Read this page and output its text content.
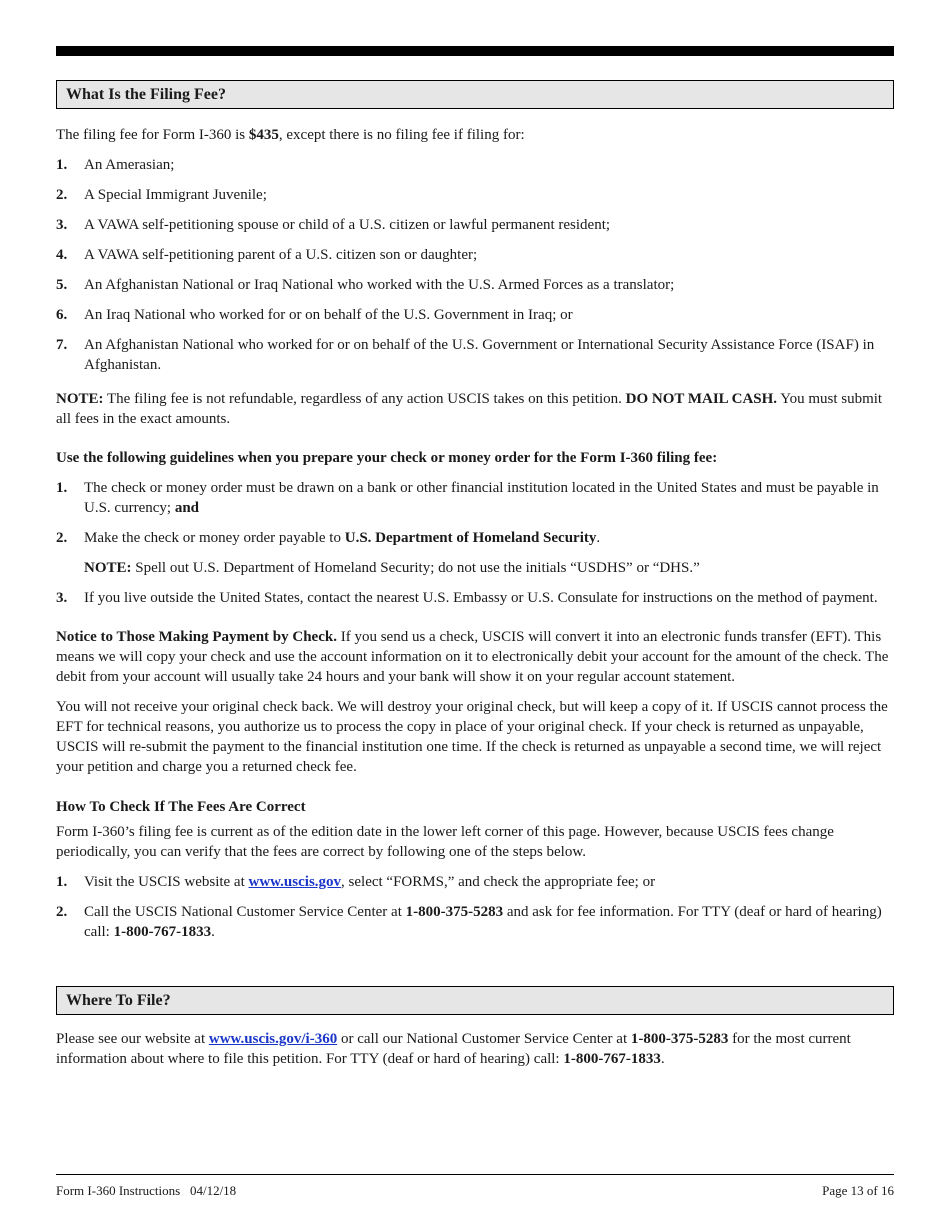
What Is the Filing Fee?

The filing fee for Form I-360 is $435, except there is no filing fee if filing for:

1. An Amerasian;
2. A Special Immigrant Juvenile;
3. A VAWA self-petitioning spouse or child of a U.S. citizen or lawful permanent resident;
4. A VAWA self-petitioning parent of a U.S. citizen son or daughter;
5. An Afghanistan National or Iraq National who worked with the U.S. Armed Forces as a translator;
6. An Iraq National who worked for or on behalf of the U.S. Government in Iraq; or
7. An Afghanistan National who worked for or on behalf of the U.S. Government or International Security Assistance Force (ISAF) in Afghanistan.

NOTE: The filing fee is not refundable, regardless of any action USCIS takes on this petition. DO NOT MAIL CASH. You must submit all fees in the exact amounts.

Use the following guidelines when you prepare your check or money order for the Form I-360 filing fee:

1. The check or money order must be drawn on a bank or other financial institution located in the United States and must be payable in U.S. currency; and
2. Make the check or money order payable to U.S. Department of Homeland Security.

NOTE: Spell out U.S. Department of Homeland Security; do not use the initials “USDHS” or “DHS.”

3. If you live outside the United States, contact the nearest U.S. Embassy or U.S. Consulate for instructions on the method of payment.

Notice to Those Making Payment by Check. If you send us a check, USCIS will convert it into an electronic funds transfer (EFT). This means we will copy your check and use the account information on it to electronically debit your account for the amount of the check. The debit from your account will usually take 24 hours and your bank will show it on your regular account statement.

You will not receive your original check back. We will destroy your original check, but will keep a copy of it. If USCIS cannot process the EFT for technical reasons, you authorize us to process the copy in place of your original check. If your check is returned as unpayable, USCIS will re-submit the payment to the financial institution one time. If the check is returned as unpayable a second time, we will reject your petition and charge you a returned check fee.

How To Check If The Fees Are Correct

Form I-360’s filing fee is current as of the edition date in the lower left corner of this page. However, because USCIS fees change periodically, you can verify that the fees are correct by following one of the steps below.

1. Visit the USCIS website at www.uscis.gov, select “FORMS,” and check the appropriate fee; or
2. Call the USCIS National Customer Service Center at 1-800-375-5283 and ask for fee information. For TTY (deaf or hard of hearing) call: 1-800-767-1833.
Where To File?

Please see our website at www.uscis.gov/i-360 or call our National Customer Service Center at 1-800-375-5283 for the most current information about where to file this petition. For TTY (deaf or hard of hearing) call: 1-800-767-1833.

Form I-360 Instructions   04/12/18	Page 13 of 16
